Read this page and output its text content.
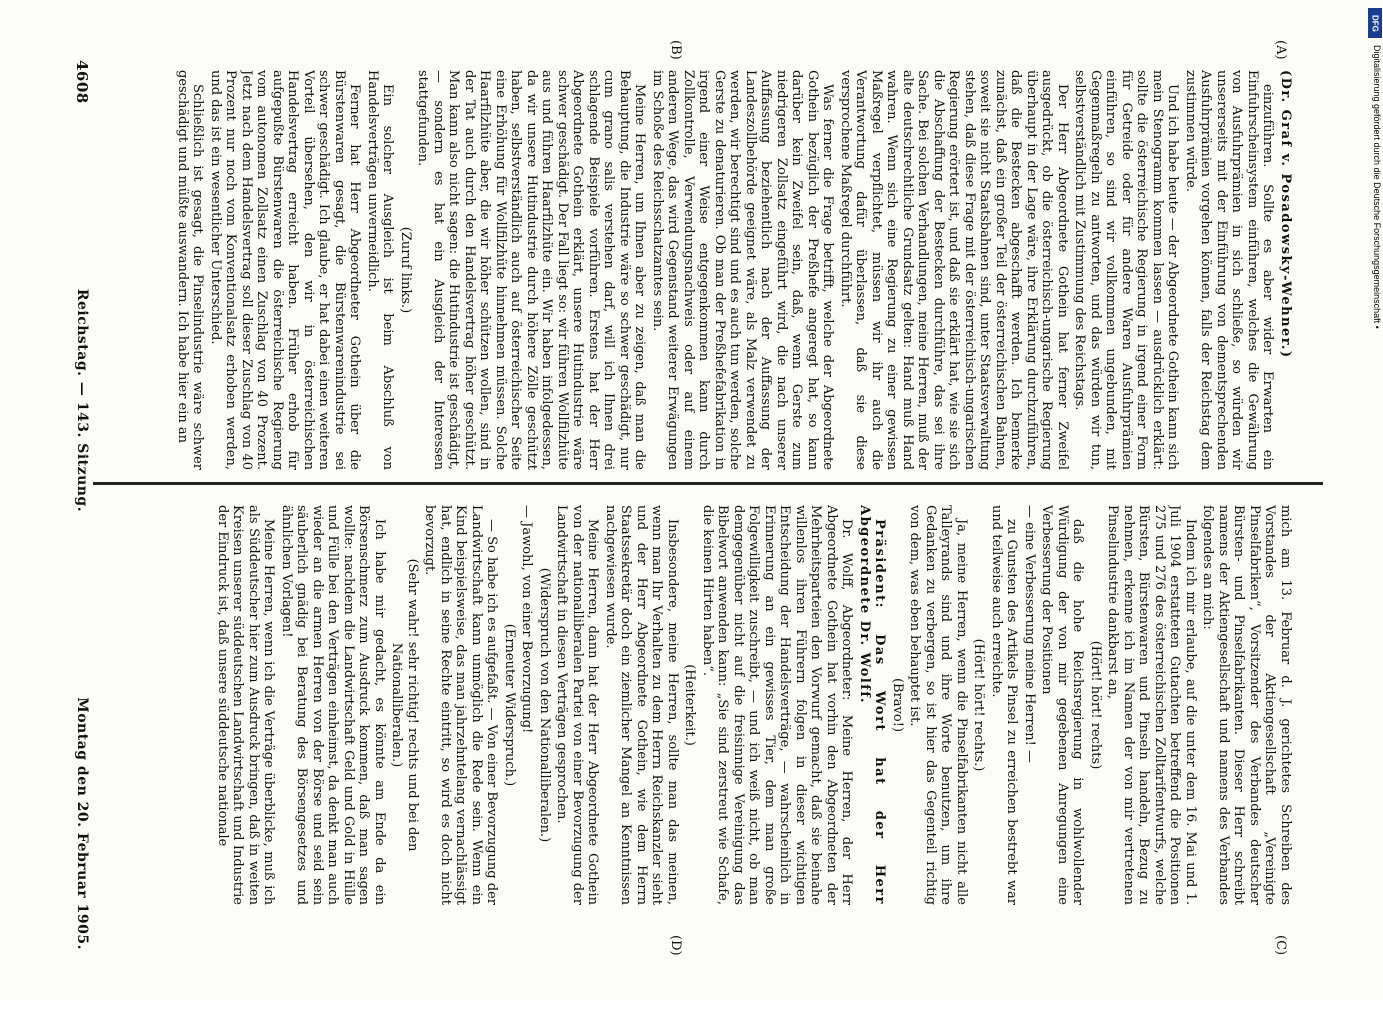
4608
Reichstag. — 143. Sitzung.
Montag den 20. Februar 1905.
(A)
(B)
(C)
(D)

(Dr. Graf v. Posadowsky-Wehner.)

einzuführen. Sollte es aber wider Erwarten ein Einfuhrscheinsystem einführen, welches die Gewährung von Ausfuhrprämien in sich schließe, so würden wir unsererseits mit der Einführung von dementsprechenden Ausfuhrprämien vorgehen können, falls der Reichstag dem zustimmen würde.

Und ich habe heute — der Abgeordnete Gothein kann sich mein Stenogramm kommen lassen — ausdrücklich erklärt: sollte die österreichische Regierung in irgend einer Form für Getreide oder für andere Waren Ausfuhrprämien einführen, so sind wir vollkommen ungebunden, mit Gegenmaßregeln zu antworten, und das würden wir tun, selbstverständlich mit Zustimmung des Reichstags.

Der Herr Abgeordnete Gothein hat ferner Zweifel ausgedrückt, ob die österreichisch-ungarische Regierung überhaupt in der Lage wäre, ihre Erklärung durchzuführen, daß die Bestecken abgeschafft werden. Ich bemerke zunächst, daß ein großer Teil der österreichischen Bahnen, soweit sie nicht Staatsbahnen sind, unter Staatsverwaltung stehen, daß diese Frage mit der österreichisch-ungarischen Regierung erörtert ist, und daß sie erklärt hat, wie sie sich die Abschaffung der Bestecken durchführe, das sei ihre Sache. Bei solchen Verhandlungen, meine Herren, muß der alte deutschrechtliche Grundsatz gelten: Hand muß Hand wahren. Wenn sich eine Regierung zu einer gewissen Maßregel verpflichtet, müssen wir ihr auch die Verantwortung dafür überlassen, daß sie diese versprochene Maßregel durchführt.

Was ferner die Frage betrifft, welche der Abgeordnete Gothein bezüglich der Preßhefe angeregt hat, so kann darüber kein Zweifel sein, daß, wenn Gerste zum niedrigeren Zollsatz eingeführt wird, die nach unserer Auffassung beziehentlich nach der Auffassung der Landeszollbehörde geeignet wäre, als Malz verwendet zu werden, wir berechtigt sind und es auch tun werden, solche Gerste zu denaturieren. Ob man der Preßhefefabrikation in irgend einer Weise entgegenkommen kann durch Zollkontrolle, Verwendungsnachweis oder auf einem anderen Wege, das wird Gegenstand weiterer Erwägungen im Schoße des Reichsschatzamtes sein.

Meine Herren, um Ihnen aber zu zeigen, daß man die Behauptung, die Industrie wäre so schwer geschädigt, nur cum grano salis verstehen darf, will ich Ihnen drei schlagende Beispiele vorführen. Erstens hat der Herr Abgeordnete Gothein erklärt, unsere Hutindustrie wäre schwer geschädigt. Der Fall liegt so: wir führen Wollfilzhüte aus und führen Haarfilzhüte ein. Wir haben infolgedessen, da wir unsere Hutindustrie durch höhere Zölle geschützt haben, selbstverständlich auch auf österreichischer Seite eine Erhöhung für Wollfilzhüte hinnehmen müssen. Solche Haarfilzhüte aber, die wir höher schützen wollen, sind in der Tat auch durch den Handelsvertrag höher geschützt. Man kann also nicht sagen: die Hutindustrie ist geschädigt, — sondern es hat ein Ausgleich der Interessen stattgefunden.

(Zuruf links.)

Ein solcher Ausgleich ist beim Abschluß von Handelsverträgen unvermeidlich.

Ferner hat Herr Abgeordneter Gothein über die Bürstenwaren gesagt, die Bürstenwarenindustrie sei schwer geschädigt. Ich glaube, er hat dabei einen weiteren Vorteil übersehen, den wir in österreichischen Handelsvertrag erreicht haben. Früher erhob für aufgepußte Bürstenwaren die österreichische Regierung vom autonomen Zollsatz einen Zuschlag von 40 Prozent. Jetzt nach dem Handelsvertrag soll dieser Zuschlag von 40 Prozent nur noch vom Konventionalsatz erhoben werden, und das ist ein wesentlicher Unterschied.

Schließlich ist gesagt, die Pinselindustrie wäre schwer geschädigt und müßte auswandern. Ich habe hier ein an

mich am 13. Februar d. J. gerichtetes Schreiben des Vorstandes der Aktiengesellschaft „Vereinigte Pinselfabriken“, Vorsitzender des Verbandes deutscher Bürsten- und Pinselfabrikanten. Dieser Herr schreibt namens der Aktiengesellschaft und namens des Verbandes folgendes an mich:

Indem ich mir erlaube, auf die unter dem 16. Mai und 1. Juli 1904 erstatteten Gutachten betreffend die Positionen 275 und 276 des österreichischen Zolltarifentwurfs, welche Bürsten, Bürstenwaren und Pinseln handeln, Bezug zu nehmen, erkenne ich im Namen der von mir vertretenen Pinselindustrie dankbarst an,

(Hört! hört! rechts)

daß die hohe Reichsregierung in wohlwollender Würdigung der von mir gegebenen Anregungen eine Verbesserung der Positionen

— eine Verbesserung meine Herren! —

zu Gunsten des Artikels Pinsel zu erreichen bestrebt war und teilweise auch erreichte.

(Hört! hört! rechts.)

Ja, meine Herren, wenn die Pinselfabrikanten nicht alle Talleyrands sind und ihre Worte benutzen, um ihre Gedanken zu verbergen, so ist hier das Gegenteil richtig von dem, was eben behauptet ist.

(Bravo!)

Präsident: Das Wort hat der Herr Abgeordnete Dr. Wolff.

Dr. Wolff, Abgeordneter: Meine Herren, der Herr Abgeordnete Gothein hat vorhin den Abgeordneten der Mehrheitsparteien den Vorwurf gemacht, daß sie beinahe willenlos ihren Führern folgen in dieser wichtigen Entscheidung der Handelsverträge, — wahrscheinlich in Erinnerung an ein gewisses Tier, dem man große Folgewilligkeit zuschreibt, — und ich weiß nicht, ob man demgegenüber nicht auf die freisinnige Vereinigung das Bibelwort anwenden kann: „Sie sind zerstreut wie Schafe, die keinen Hirten haben“.

(Heiterkeit.)

Insbesondere, meine Herren, sollte man das meinen, wenn man Ihr Verhalten zu dem Herrn Reichskanzler sieht und der Herr Abgeordnete Gothein, wie dem Herrn Staatssekretär doch ein ziemlicher Mangel an Kenntnissen nachgewiesen wurde.

Meine Herren, dann hat der Herr Abgeordnete Gothein von der nationalliberalen Partei von einer Bevorzugung der Landwirtschaft in diesen Verträgen gesprochen.

(Widerspruch von den Nationalliberalen.)

— Jawohl, von einer Bevorzugung!

(Erneuter Widerspruch.)

— So habe ich es aufgefaßt. — Von einer Bevorzugung der Landwirtschaft kann unmöglich die Rede sein. Wenn ein Kind beispielsweise, das man jahrzehntelang vernachlässigt hat, endlich in seine Rechte eintritt, so wird es doch nicht bevorzugt.

(Sehr wahr! sehr richtig! rechts und bei den Nationalliberalen.)

Ich habe mir gedacht, es könnte am Ende da ein Börsenschmerz zum Ausdruck kommen, daß man sagen wollte: nachdem die Landwirtschaft Geld und Gold in Hülle und Fülle bei den Verträgen einheimst, da denkt man auch wieder an die armen Herren von der Börse und seid sein säuberlich gnädig bei Beratung des Börsengesetzes und ähnlichen Vorlagen!

Meine Herren, wenn ich die Verträge überblicke, muß ich als Süddeutscher hier zum Ausdruck bringen, daß in weiten Kreisen unserer süddeutschen Landwirtschaft und Industrie der Eindruck ist, daß unsere süddeutsche nationale

DFG
Digitalisierung gefördert durch die Deutsche Forschungsgemeinschaft •
